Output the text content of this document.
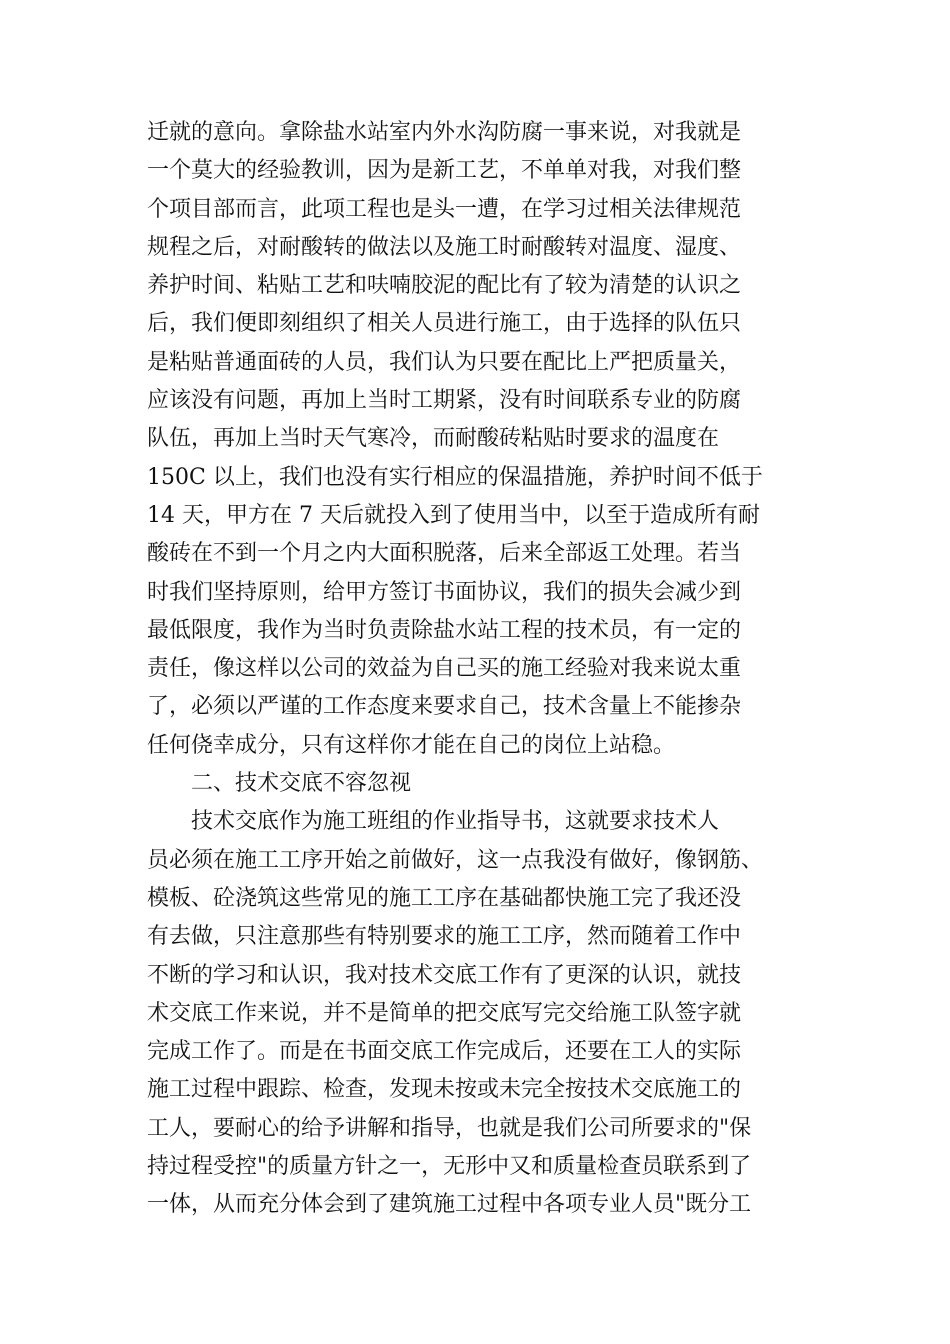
迁就的意向。拿除盐水站室内外水沟防腐一事来说，对我就是
一个莫大的经验教训，因为是新工艺，不单单对我，对我们整
个项目部而言，此项工程也是头一遭，在学习过相关法律规范
规程之后，对耐酸转的做法以及施工时耐酸转对温度、湿度、
养护时间、粘贴工艺和呋喃胶泥的配比有了较为清楚的认识之
后，我们便即刻组织了相关人员进行施工，由于选择的队伍只
是粘贴普通面砖的人员，我们认为只要在配比上严把质量关，
应该没有问题，再加上当时工期紧，没有时间联系专业的防腐
队伍，再加上当时天气寒冷，而耐酸砖粘贴时要求的温度在
150C 以上，我们也没有实行相应的保温措施，养护时间不低于
14 天，甲方在 7 天后就投入到了使用当中，以至于造成所有耐
酸砖在不到一个月之内大面积脱落，后来全部返工处理。若当
时我们坚持原则，给甲方签订书面协议，我们的损失会减少到
最低限度，我作为当时负责除盐水站工程的技术员，有一定的
责任，像这样以公司的效益为自己买的施工经验对我来说太重
了，必须以严谨的工作态度来要求自己，技术含量上不能掺杂
任何侥幸成分，只有这样你才能在自己的岗位上站稳。
二、技术交底不容忽视
技术交底作为施工班组的作业指导书，这就要求技术人
员必须在施工工序开始之前做好，这一点我没有做好，像钢筋、
模板、砼浇筑这些常见的施工工序在基础都快施工完了我还没
有去做，只注意那些有特别要求的施工工序，然而随着工作中
不断的学习和认识，我对技术交底工作有了更深的认识，就技
术交底工作来说，并不是简单的把交底写完交给施工队签字就
完成工作了。而是在书面交底工作完成后，还要在工人的实际
施工过程中跟踪、检查，发现未按或未完全按技术交底施工的
工人，要耐心的给予讲解和指导，也就是我们公司所要求的"保
持过程受控"的质量方针之一，无形中又和质量检查员联系到了
一体，从而充分体会到了建筑施工过程中各项专业人员"既分工
